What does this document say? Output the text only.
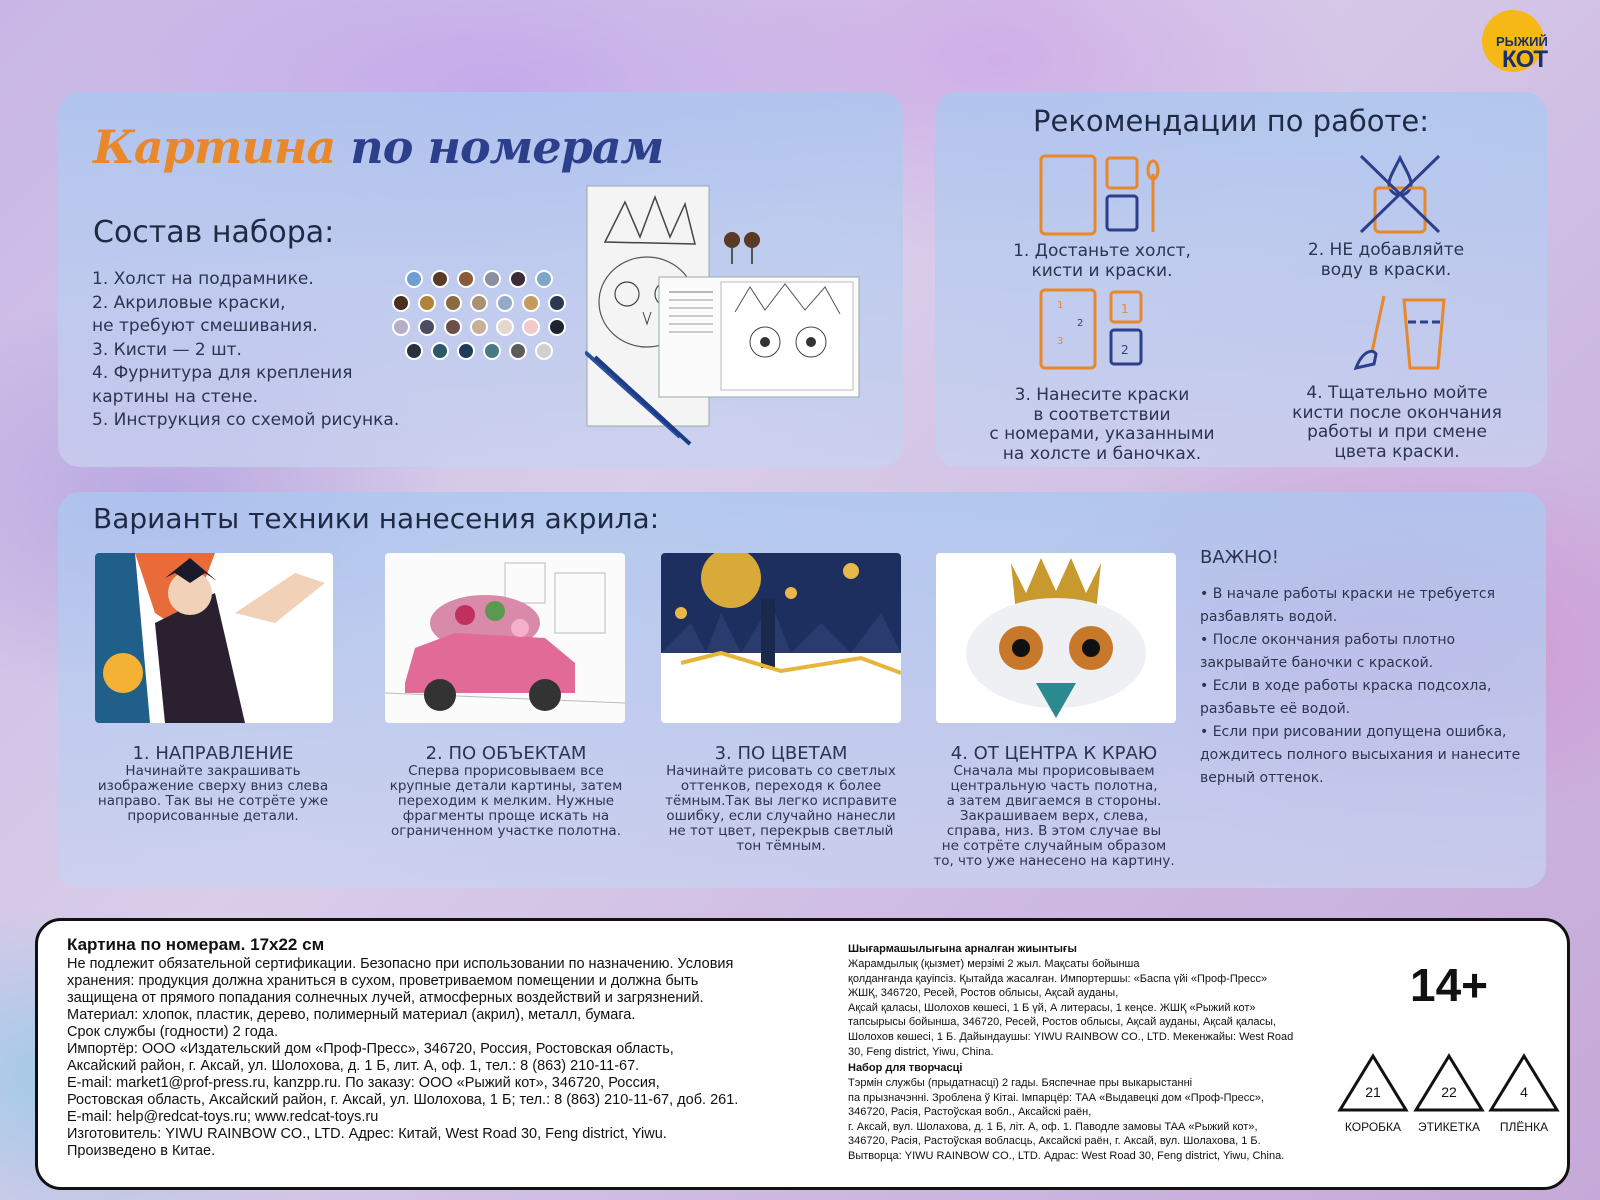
РЫЖИЙ
КОТ
Картина по номерам
Состав набора:
1. Холст на подрамнике.
2. Акриловые краски,
не требуют смешивания.
3. Кисти — 2 шт.
4. Фурнитура для крепления
картины на стене.
5. Инструкция со схемой рисунка.
Рекомендации по работе:
1
2
3
1
2
1. Достаньте холст,
кисти и краски.
2. НЕ добавляйте
воду в краски.
3. Нанесите краски
в соответствии
с номерами, указанными
на холсте и баночках.
4. Тщательно мойте
кисти после окончания
работы и при смене
цвета краски.
Варианты техники нанесения акрила:
1. НАПРАВЛЕНИЕ
Начинайте закрашивать
изображение сверху вниз слева
направо. Так вы не сотрёте уже
прорисованные детали.
2. ПО ОБЪЕКТАМ
Сперва прорисовываем все
крупные детали картины, затем
переходим к мелким. Нужные
фрагменты проще искать на
ограниченном участке полотна.
3. ПО ЦВЕТАМ
Начинайте рисовать со светлых
оттенков, переходя к более
тёмным.Так вы легко исправите
ошибку, если случайно нанесли
не тот цвет, перекрыв светлый
тон тёмным.
4. ОТ ЦЕНТРА К КРАЮ
Сначала мы прорисовываем
центральную часть полотна,
а затем двигаемся в стороны.
Закрашиваем верх, слева,
справа, низ. В этом случае вы
не сотрёте случайным образом
то, что уже нанесено на картину.
ВАЖНО!
• В начале работы краски не требуется
разбавлять водой.
• После окончания работы плотно
закрывайте баночки с краской.
• Если в ходе работы краска подсохла,
разбавьте её водой.
• Если при рисовании допущена ошибка,
дождитесь полного высыхания и нанесите
верный оттенок.
Картина по номерам. 17х22 см
Не подлежит обязательной сертификации. Безопасно при использовании по назначению. Условия
хранения: продукция должна храниться в сухом, проветриваемом помещении и должна быть
защищена от прямого попадания солнечных лучей, атмосферных воздействий и загрязнений.
Материал: хлопок, пластик, дерево, полимерный материал (акрил), металл, бумага.
Срок службы (годности) 2 года.
Импортёр: ООО «Издательский дом «Проф-Пресс», 346720, Россия, Ростовская область,
Аксайский район, г. Аксай, ул. Шолохова, д. 1 Б, лит. А, оф. 1, тел.: 8 (863) 210-11-67.
E-mail: market1@prof-press.ru, kanzpp.ru. По заказу: ООО «Рыжий кот», 346720, Россия,
Ростовская область, Аксайский район, г. Аксай, ул. Шолохова, 1 Б; тел.: 8 (863) 210-11-67, доб. 261.
E-mail: help@redcat-toys.ru; www.redcat-toys.ru
Изготовитель: YIWU RAINBOW CO., LTD. Адрес: Китай, West Road 30, Feng district, Yiwu.
Произведено в Китае.
Шығармашылығына арналған жиынтығы
Жарамдылық (қызмет) мерзімі 2 жыл. Мақсаты бойынша
қолданғанда қауіпсіз. Қытайда жасалған. Импортершы: «Баспа үйі «Проф-Пресс»
ЖШҚ, 346720, Ресей, Ростов облысы, Ақсай ауданы,
Ақсай қаласы, Шолохов көшесі, 1 Б үй, А литерасы, 1 кеңсе. ЖШҚ «Рыжий кот»
тапсырысы бойынша, 346720, Ресей, Ростов облысы, Ақсай ауданы, Ақсай қаласы,
Шолохов көшесі, 1 Б. Дайындаушы: YIWU RAINBOW CO., LTD. Мекенжайы: West Road
30, Feng district, Yiwu, China.
Набор для творчасці
Тэрмін службы (прыдатнасці) 2 гады. Бяспечнае пры выкарыстанні
па прызначэнні. Зроблена ў Кітаі. Імпарцёр: ТАА «Выдавецкі дом «Проф-Пресс»,
346720, Расія, Растоўская вобл., Аксайскі раён,
г. Аксай, вул. Шолахова, д. 1 Б, літ. А, оф. 1. Паводле замовы ТАА «Рыжий кот»,
346720, Расія, Растоўская вобласць, Аксайскі раён, г. Аксай, вул. Шолахова, 1 Б.
Вытворца: YIWU RAINBOW CO., LTD. Адрас: West Road 30, Feng district, Yiwu, China.
14+
21
КОРОБКА
22
ЭТИКЕТКА
4
ПЛЁНКА
